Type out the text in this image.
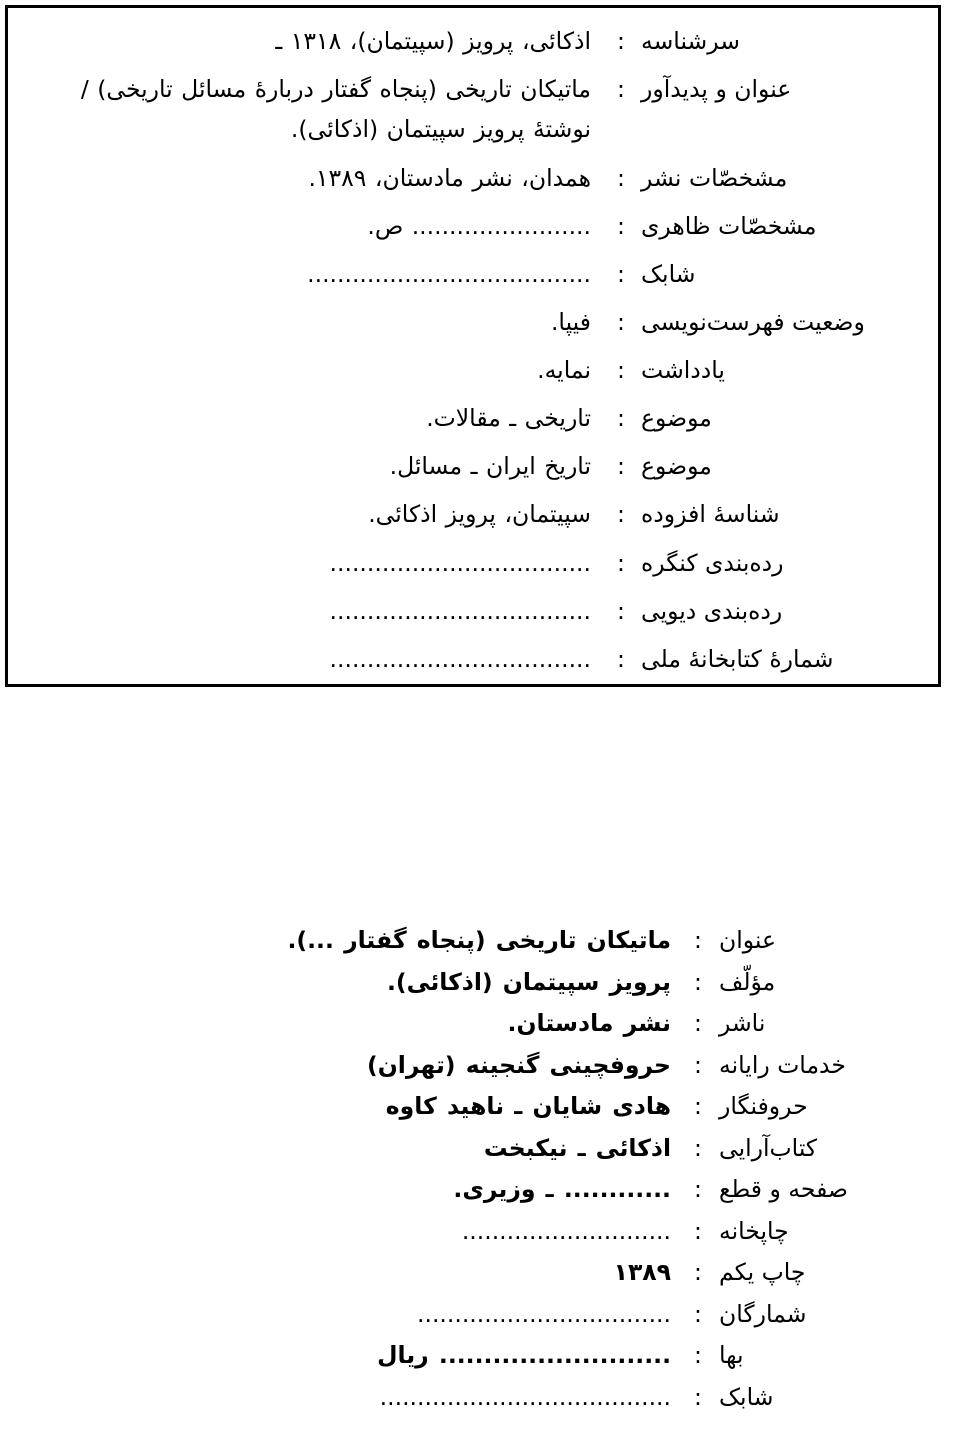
سرشناسه
:
اذکائی، پرویز (سپیتمان)، ۱۳۱۸ ـ
عنوان و پدیدآور
:
ماتیکان تاریخی (پنجاه گفتار دربارۀ مسائل تاریخی) / نوشتۀ پرویز سپیتمان (اذکائی).
مشخصّات نشر
:
همدان، نشر مادستان، ۱۳۸۹.
مشخصّات ظاهری
:
........................ ص.
شابک
:
......................................
وضعیت فهرست‌نویسی
:
فیپا.
یادداشت
:
نمایه.
موضوع
:
تاریخی ـ مقالات.
موضوع
:
تاریخ ایران ـ مسائل.
شناسۀ افزوده
:
سپیتمان، پرویز اذکائی.
رده‌بندی کنگره
:
...................................
رده‌بندی دیویی
:
...................................
شمارۀ کتابخانۀ ملی
:
...................................
عنوان
:
ماتیکان تاریخی (پنجاه گفتار ...).
مؤلّف
:
پرویز سپیتمان (اذکائی).
ناشر
:
نشر مادستان.
خدمات رایانه
:
حروفچینی گنجینه (تهران)
حروفنگار
:
هادی شایان ـ ناهید کاوه
کتاب‌آرایی
:
اذکائی ـ نیکبخت
صفحه و قطع
:
............ ـ وزیری.
چاپخانه
:
............................
چاپ یکم
:
۱۳۸۹
شمارگان
:
..................................
بها
:
.......................... ریال
شابک
:
.......................................
